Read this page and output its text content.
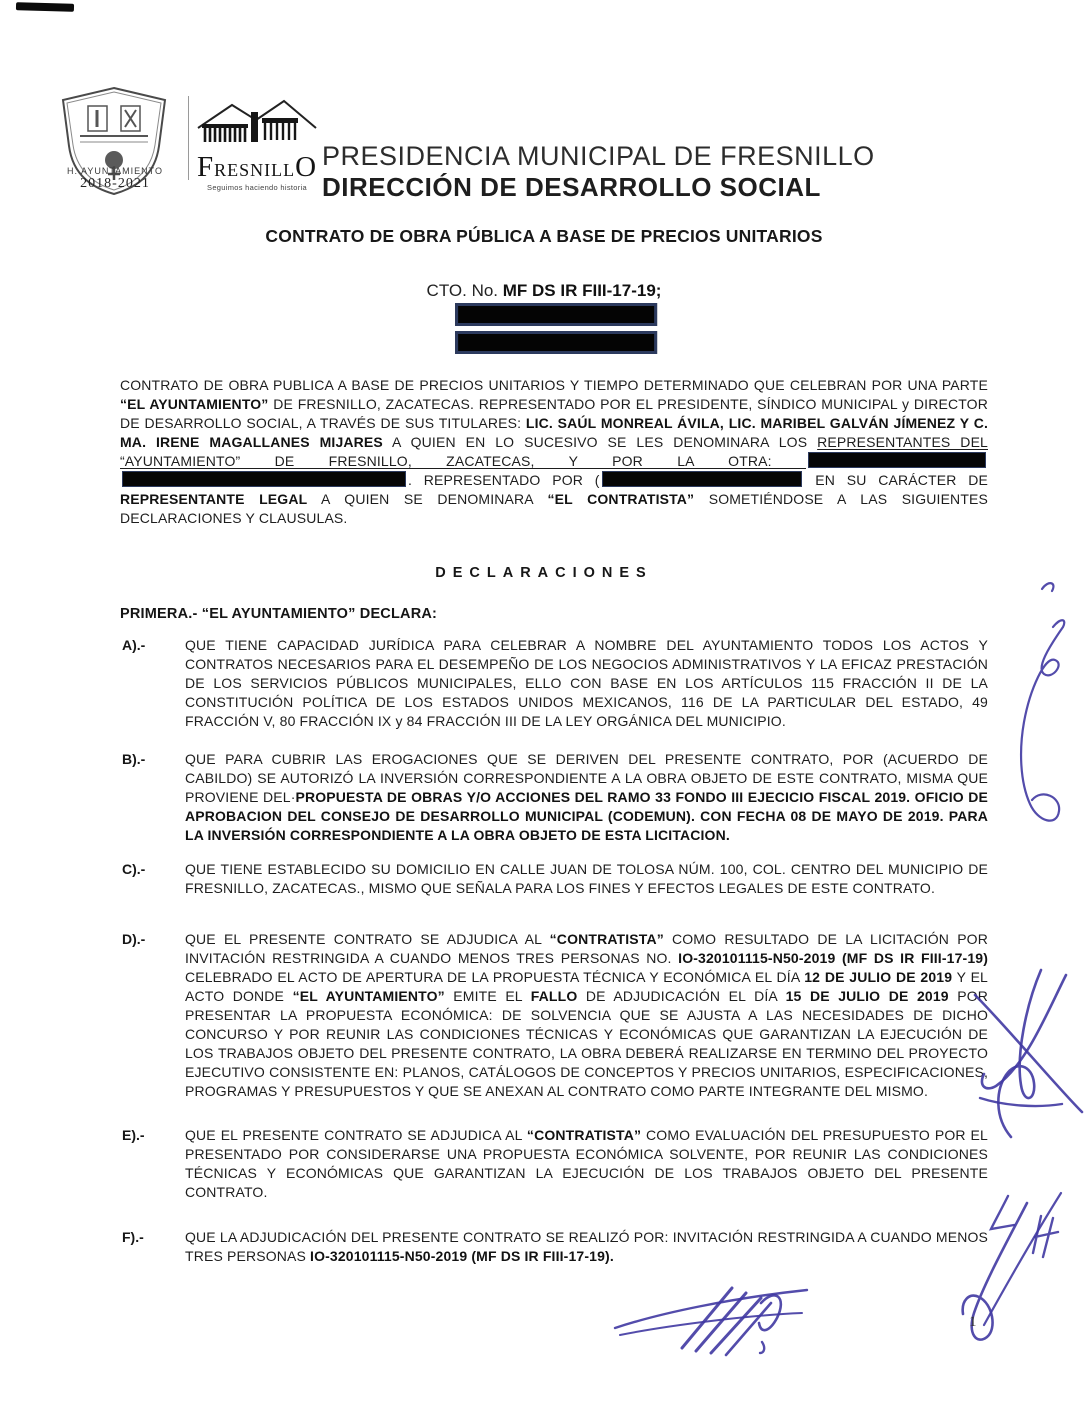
H. AYUNTAMIENTO
2018-2021
FRESNILLO
Seguimos haciendo historia
PRESIDENCIA MUNICIPAL DE FRESNILLO
DIRECCIÓN DE DESARROLLO SOCIAL
CONTRATO DE OBRA PÚBLICA A BASE DE PRECIOS UNITARIOS
CTO. No. MF DS IR FIII-17-19;
CONTRATO DE OBRA PUBLICA A BASE DE PRECIOS UNITARIOS Y TIEMPO DETERMINADO QUE CELEBRAN POR UNA PARTE “EL AYUNTAMIENTO” DE FRESNILLO, ZACATECAS. REPRESENTADO POR EL PRESIDENTE, SÍNDICO MUNICIPAL y DIRECTOR DE DESARROLLO SOCIAL, A TRAVÉS DE SUS TITULARES: LIC. SAÚL MONREAL ÁVILA, LIC. MARIBEL GALVÁN JÍMENEZ Y C. MA. IRENE MAGALLANES MIJARES A QUIEN EN LO SUCESIVO SE LES DENOMINARA LOS REPRESENTANTES DEL “AYUNTAMIENTO” DE FRESNILLO, ZACATECAS, Y POR LA OTRA: . REPRESENTADO POR (	EN SU CARÁCTER DE REPRESENTANTE LEGAL A QUIEN SE DENOMINARA “EL CONTRATISTA” SOMETIÉNDOSE A LAS SIGUIENTES DECLARACIONES Y CLAUSULAS.
DECLARACIONES
PRIMERA.- “EL AYUNTAMIENTO” DECLARA:
A).-	QUE TIENE CAPACIDAD JURÍDICA PARA CELEBRAR A NOMBRE DEL AYUNTAMIENTO TODOS LOS ACTOS Y CONTRATOS NECESARIOS PARA EL DESEMPEÑO DE LOS NEGOCIOS ADMINISTRATIVOS Y LA EFICAZ PRESTACIÓN DE LOS SERVICIOS PÚBLICOS MUNICIPALES, ELLO CON BASE EN LOS ARTÍCULOS 115 FRACCIÓN II DE LA CONSTITUCIÓN POLÍTICA DE LOS ESTADOS UNIDOS MEXICANOS, 116 DE LA PARTICULAR DEL ESTADO, 49 FRACCIÓN V, 80 FRACCIÓN IX y 84 FRACCIÓN III DE LA LEY ORGÁNICA DEL MUNICIPIO.
B).-	QUE PARA CUBRIR LAS EROGACIONES QUE SE DERIVEN DEL PRESENTE CONTRATO, POR (ACUERDO DE CABILDO) SE AUTORIZÓ LA INVERSIÓN CORRESPONDIENTE A LA OBRA OBJETO DE ESTE CONTRATO, MISMA QUE PROVIENE DEL·PROPUESTA DE OBRAS Y/O ACCIONES DEL RAMO 33 FONDO III EJECICIO FISCAL 2019. OFICIO DE APROBACION DEL CONSEJO DE DESARROLLO MUNICIPAL (CODEMUN). CON FECHA 08 DE MAYO DE 2019. PARA LA INVERSIÓN CORRESPONDIENTE A LA OBRA OBJETO DE ESTA LICITACION.
C).-	QUE TIENE ESTABLECIDO SU DOMICILIO EN CALLE JUAN DE TOLOSA NÚM. 100, COL. CENTRO DEL MUNICIPIO DE FRESNILLO, ZACATECAS., MISMO QUE SEÑALA PARA LOS FINES Y EFECTOS LEGALES DE ESTE CONTRATO.
D).-	QUE EL PRESENTE CONTRATO SE ADJUDICA AL “CONTRATISTA” COMO RESULTADO DE LA LICITACIÓN POR INVITACIÓN RESTRINGIDA A CUANDO MENOS TRES PERSONAS NO. IO-320101115-N50-2019 (MF DS IR FIII-17-19) CELEBRADO EL ACTO DE APERTURA DE LA PROPUESTA TÉCNICA Y ECONÓMICA EL DÍA 12 DE JULIO DE 2019 Y EL ACTO DONDE “EL AYUNTAMIENTO” EMITE EL FALLO DE ADJUDICACIÓN EL DÍA 15 DE JULIO DE 2019 POR PRESENTAR LA PROPUESTA ECONÓMICA: DE SOLVENCIA QUE SE AJUSTA A LAS NECESIDADES DE DICHO CONCURSO Y POR REUNIR LAS CONDICIONES TÉCNICAS Y ECONÓMICAS QUE GARANTIZAN LA EJECUCIÓN DE LOS TRABAJOS OBJETO DEL PRESENTE CONTRATO, LA OBRA DEBERÁ REALIZARSE EN TERMINO DEL PROYECTO EJECUTIVO CONSISTENTE EN: PLANOS, CATÁLOGOS DE CONCEPTOS Y PRECIOS UNITARIOS, ESPECIFICACIONES, PROGRAMAS Y PRESUPUESTOS Y QUE SE ANEXAN AL CONTRATO COMO PARTE INTEGRANTE DEL MISMO.
E).-	QUE EL PRESENTE CONTRATO SE ADJUDICA AL “CONTRATISTA” COMO EVALUACIÓN DEL PRESUPUESTO POR EL PRESENTADO POR CONSIDERARSE UNA PROPUESTA ECONÓMICA SOLVENTE, POR REUNIR LAS CONDICIONES TÉCNICAS Y ECONÓMICAS QUE GARANTIZAN LA EJECUCIÓN DE LOS TRABAJOS OBJETO DEL PRESENTE CONTRATO.
F).-	QUE LA ADJUDICACIÓN DEL PRESENTE CONTRATO SE REALIZÓ POR: INVITACIÓN RESTRINGIDA A CUANDO MENOS TRES PERSONAS IO-320101115-N50-2019 (MF DS IR FIII-17-19).
1
